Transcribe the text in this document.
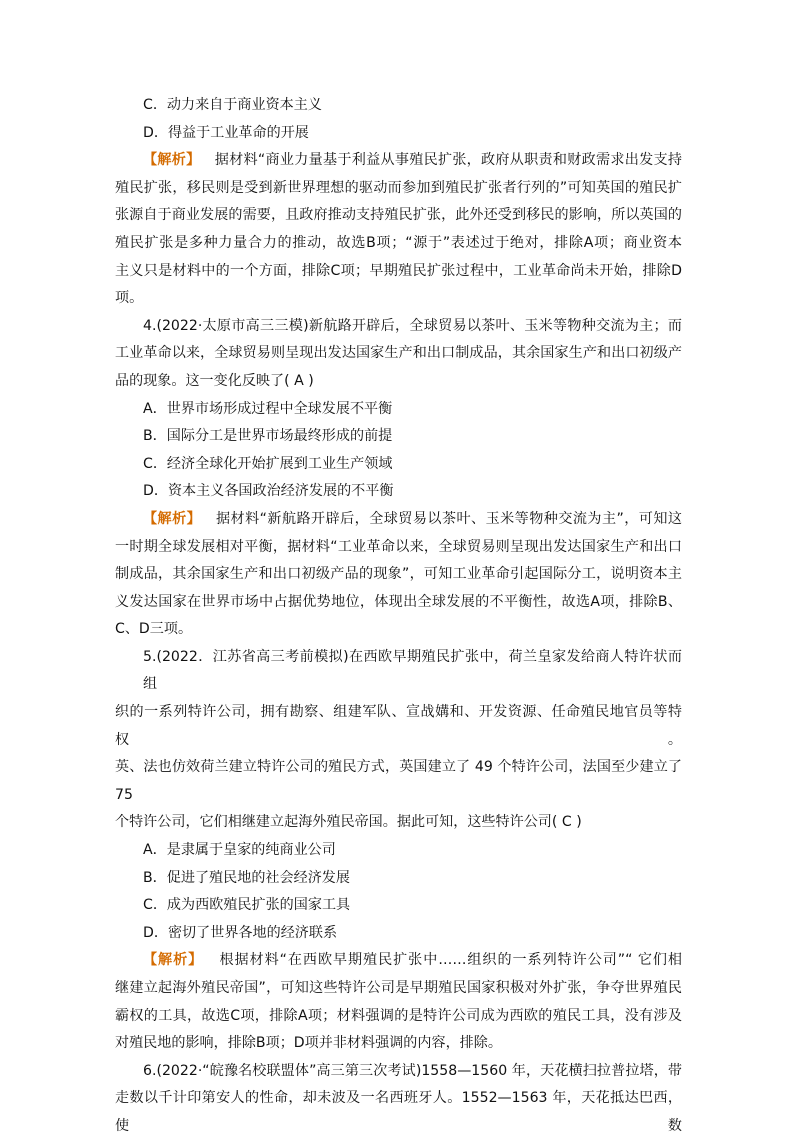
C．动力来自于商业资本主义

D．得益于工业革命的开展

【解析】 据材料“商业力量基于利益从事殖民扩张，政府从职责和财政需求出发支持

殖民扩张，移民则是受到新世界理想的驱动而参加到殖民扩张者行列的”可知英国的殖民扩

张源自于商业发展的需要，且政府推动支持殖民扩张，此外还受到移民的影响，所以英国的

殖民扩张是多种力量合力的推动，故选B项；“源于”表述过于绝对，排除A项；商业资本

主义只是材料中的一个方面，排除C项；早期殖民扩张过程中，工业革命尚未开始，排除D

项。

4.(2022·太原市高三三模)新航路开辟后，全球贸易以茶叶、玉米等物种交流为主；而

工业革命以来，全球贸易则呈现出发达国家生产和出口制成品，其余国家生产和出口初级产

品的现象。这一变化反映了( A )

A．世界市场形成过程中全球发展不平衡

B．国际分工是世界市场最终形成的前提

C．经济全球化开始扩展到工业生产领域

D．资本主义各国政治经济发展的不平衡

【解析】 据材料“新航路开辟后，全球贸易以茶叶、玉米等物种交流为主”，可知这

一时期全球发展相对平衡，据材料“工业革命以来，全球贸易则呈现出发达国家生产和出口

制成品，其余国家生产和出口初级产品的现象”，可知工业革命引起国际分工，说明资本主

义发达国家在世界市场中占据优势地位，体现出全球发展的不平衡性，故选A项，排除B、

C、D三项。

5.(2022．江苏省高三考前模拟)在西欧早期殖民扩张中，荷兰皇家发给商人特许状而组

织的一系列特许公司，拥有勘察、组建军队、宣战媾和、开发资源、任命殖民地官员等特权。

英、法也仿效荷兰建立特许公司的殖民方式，英国建立了 49 个特许公司，法国至少建立了 75

个特许公司，它们相继建立起海外殖民帝国。据此可知，这些特许公司( C )

A．是隶属于皇家的纯商业公司

B．促进了殖民地的社会经济发展

C．成为西欧殖民扩张的国家工具

D．密切了世界各地的经济联系

【解析】 根据材料“在西欧早期殖民扩张中……组织的一系列特许公司”“ 它们相

继建立起海外殖民帝国”，可知这些特许公司是早期殖民国家积极对外扩张，争夺世界殖民

霸权的工具，故选C项，排除A项；材料强调的是特许公司成为西欧的殖民工具，没有涉及

对殖民地的影响，排除B项；D项并非材料强调的内容，排除。

6.(2022·“皖豫名校联盟体”高三第三次考试)1558—1560 年，天花横扫拉普拉塔，带

走数以千计印第安人的性命，却未波及一名西班牙人。1552—1563 年，天花抵达巴西，使数
